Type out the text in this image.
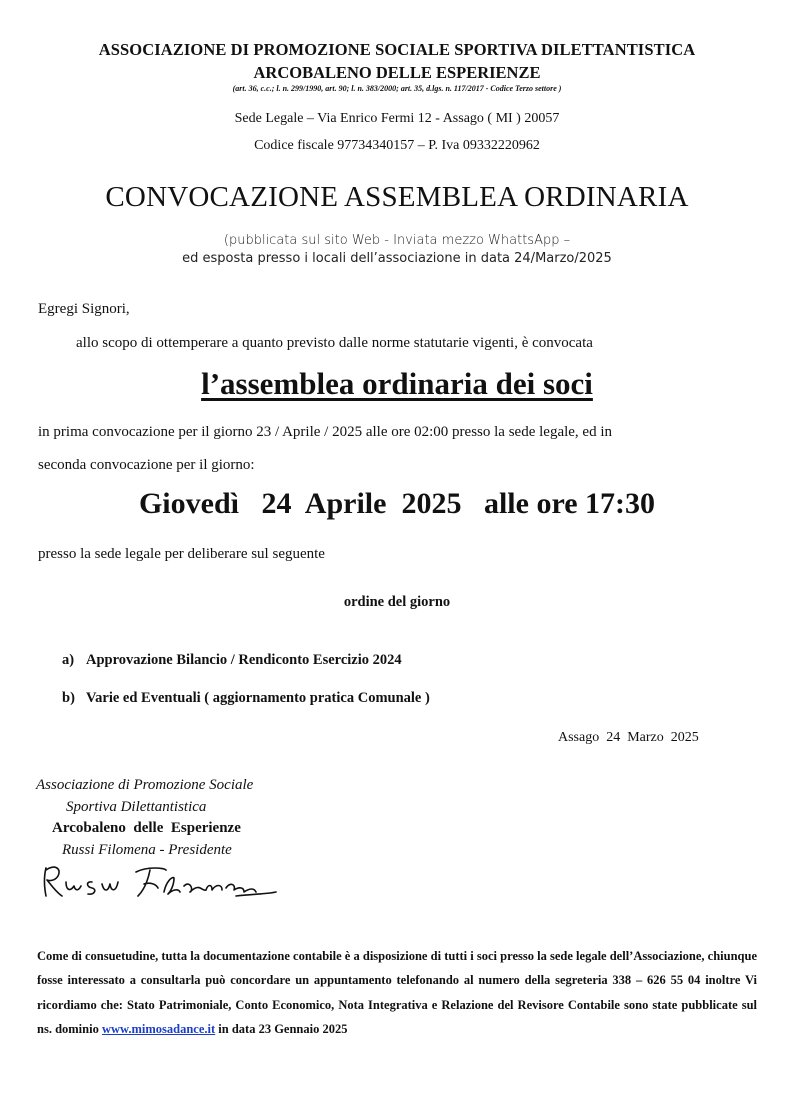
ASSOCIAZIONE DI PROMOZIONE SOCIALE SPORTIVA DILETTANTISTICA
ARCOBALENO DELLE ESPERIENZE
(art. 36, c.c.; l. n. 299/1990, art. 90; l. n. 383/2000; art. 35, d.lgs. n. 117/2017 - Codice Terzo settore )
Sede Legale – Via Enrico Fermi 12 - Assago ( MI ) 20057
Codice fiscale 97734340157 – P. Iva 09332220962
CONVOCAZIONE ASSEMBLEA ORDINARIA
(pubblicata sul sito Web - Inviata mezzo WhattsApp –
ed esposta presso i locali dell’associazione in data 24/Marzo/2025
Egregi Signori,
allo scopo di ottemperare a quanto previsto dalle norme statutarie vigenti, è convocata
l’assemblea ordinaria dei soci
in prima convocazione per il giorno 23 / Aprile / 2025 alle ore 02:00 presso la sede legale, ed in
seconda convocazione per il giorno:
Giovedì   24  Aprile  2025   alle ore 17:30
presso la sede legale per deliberare sul seguente
ordine del giorno
a) Approvazione Bilancio / Rendiconto Esercizio 2024
b) Varie ed Eventuali ( aggiornamento pratica Comunale )
Assago  24  Marzo  2025
Associazione di Promozione Sociale
Sportiva Dilettantistica
Arcobaleno  delle  Esperienze
Russi Filomena - Presidente
Come di consuetudine, tutta la documentazione contabile è a disposizione di tutti i soci presso la sede legale dell’Associazione, chiunque fosse interessato a consultarla può concordare un appuntamento telefonando al numero della segreteria 338 – 626 55 04 inoltre Vi ricordiamo che: Stato Patrimoniale, Conto Economico, Nota Integrativa e Relazione del Revisore Contabile sono state pubblicate sul ns. dominio www.mimosadance.it in data 23 Gennaio 2025
